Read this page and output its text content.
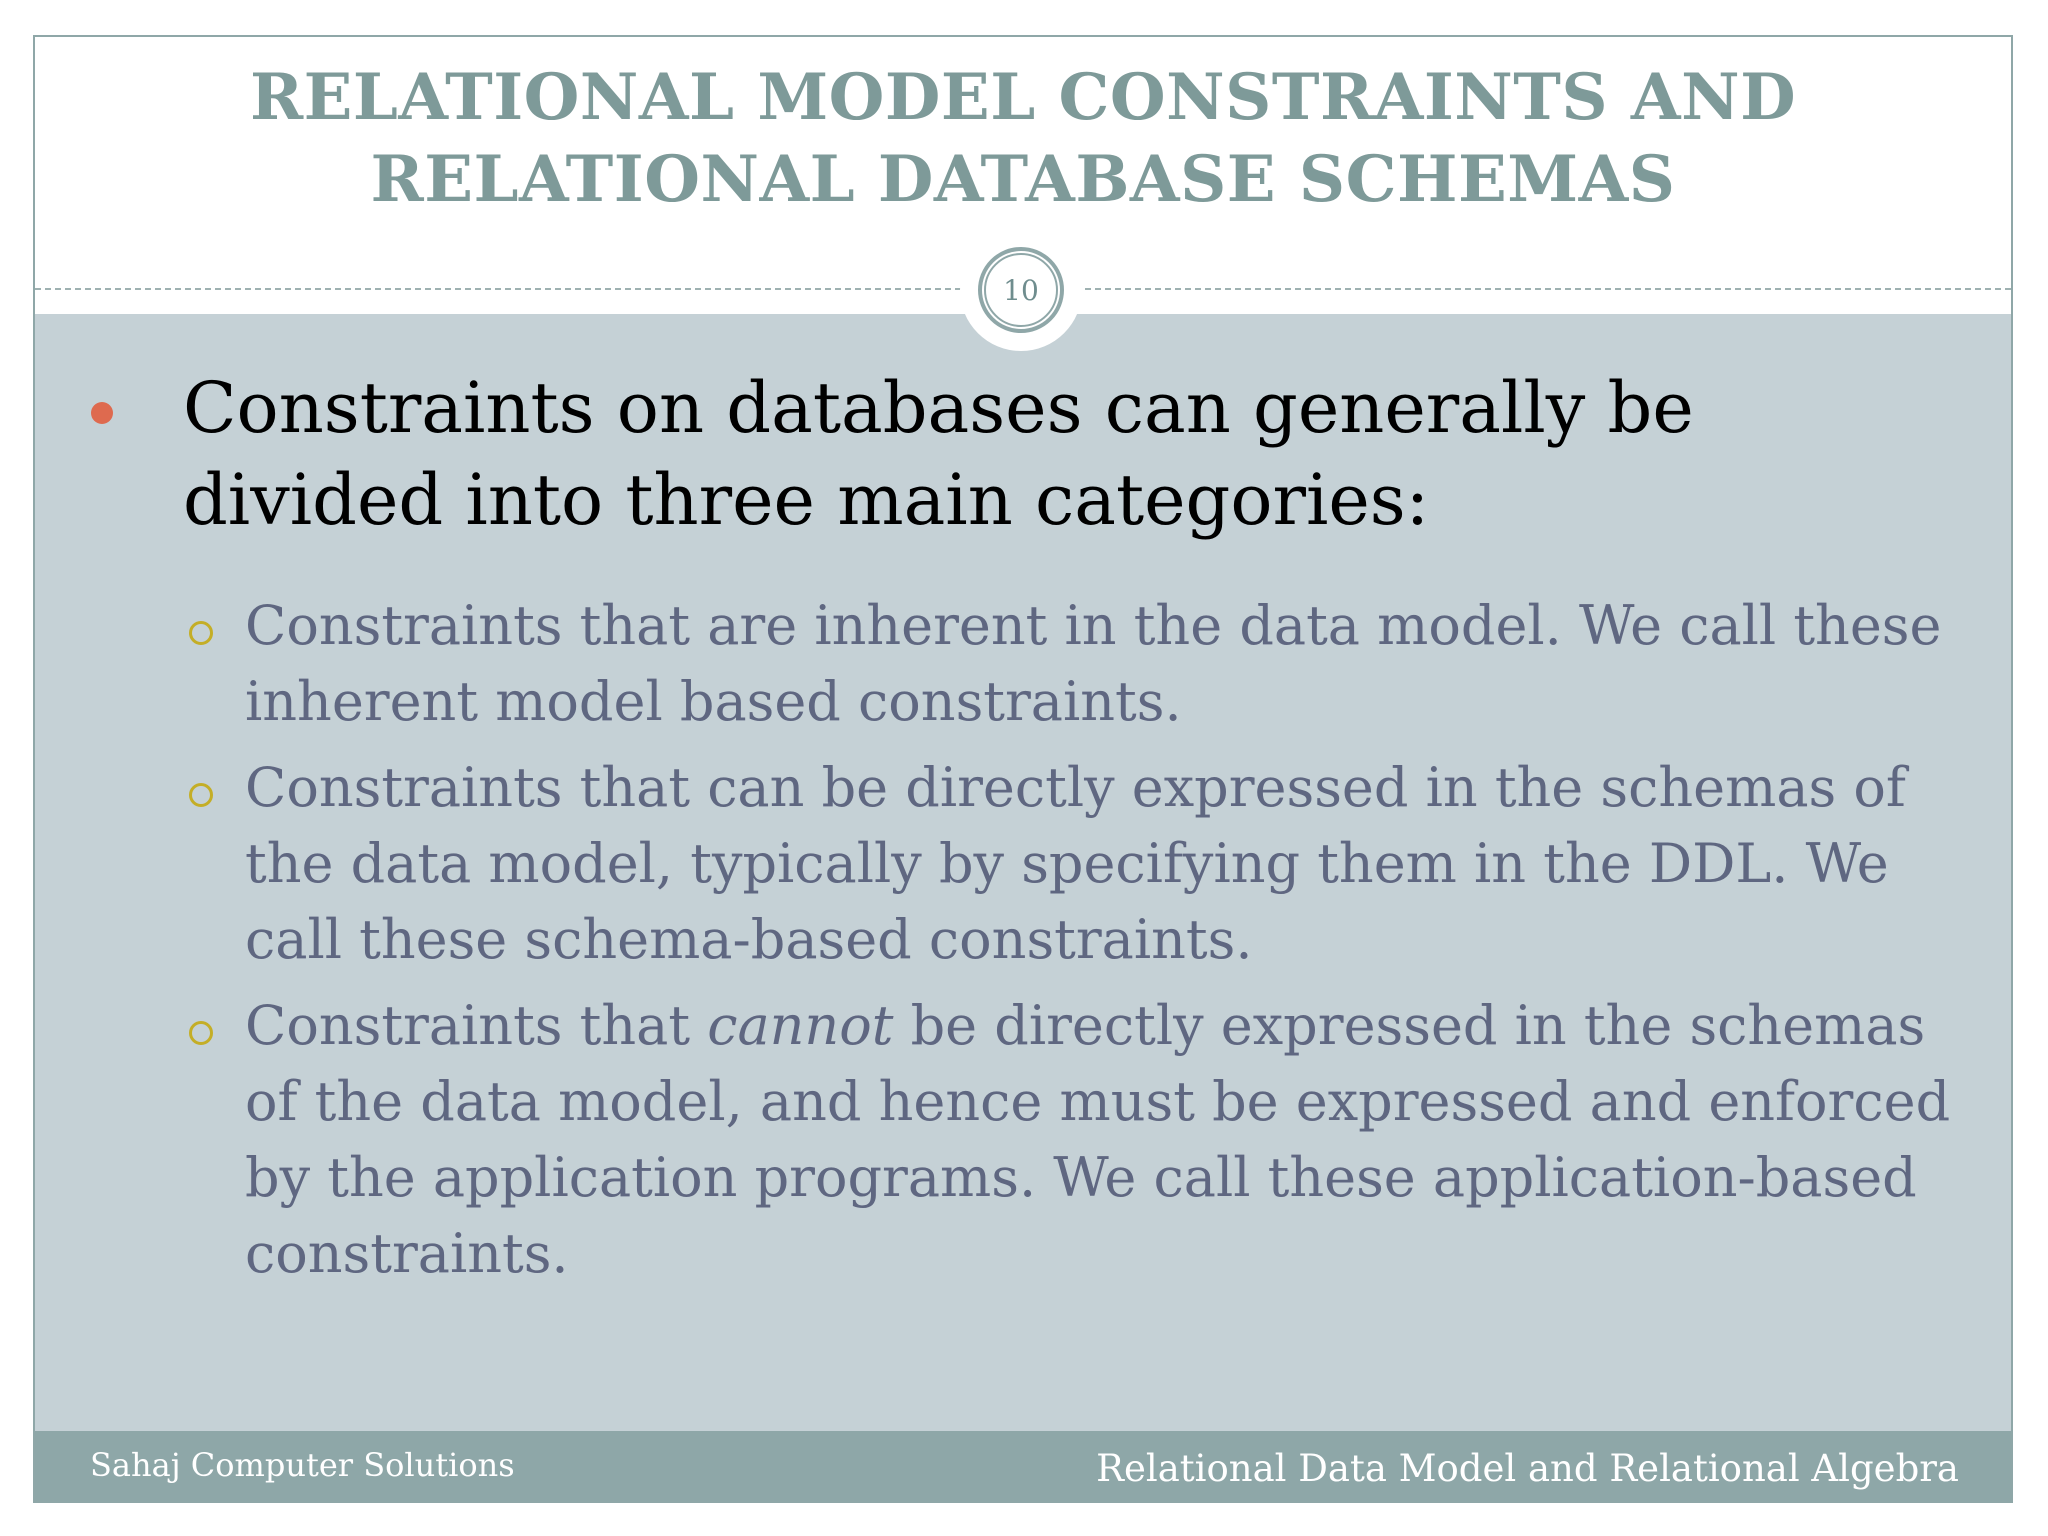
RELATIONAL MODEL CONSTRAINTS AND
RELATIONAL DATABASE SCHEMAS
10
Constraints on databases can generally be divided into three main categories:
Constraints that are inherent in the data model. We call these inherent model based constraints.
Constraints that can be directly expressed in the schemas of the data model, typically by specifying them in the DDL. We call these schema-based constraints.
Constraints that cannot be directly expressed in the schemas of the data model, and hence must be expressed and enforced by the application programs. We call these application-based constraints.
Sahaj Computer Solutions	Relational Data Model and Relational Algebra
